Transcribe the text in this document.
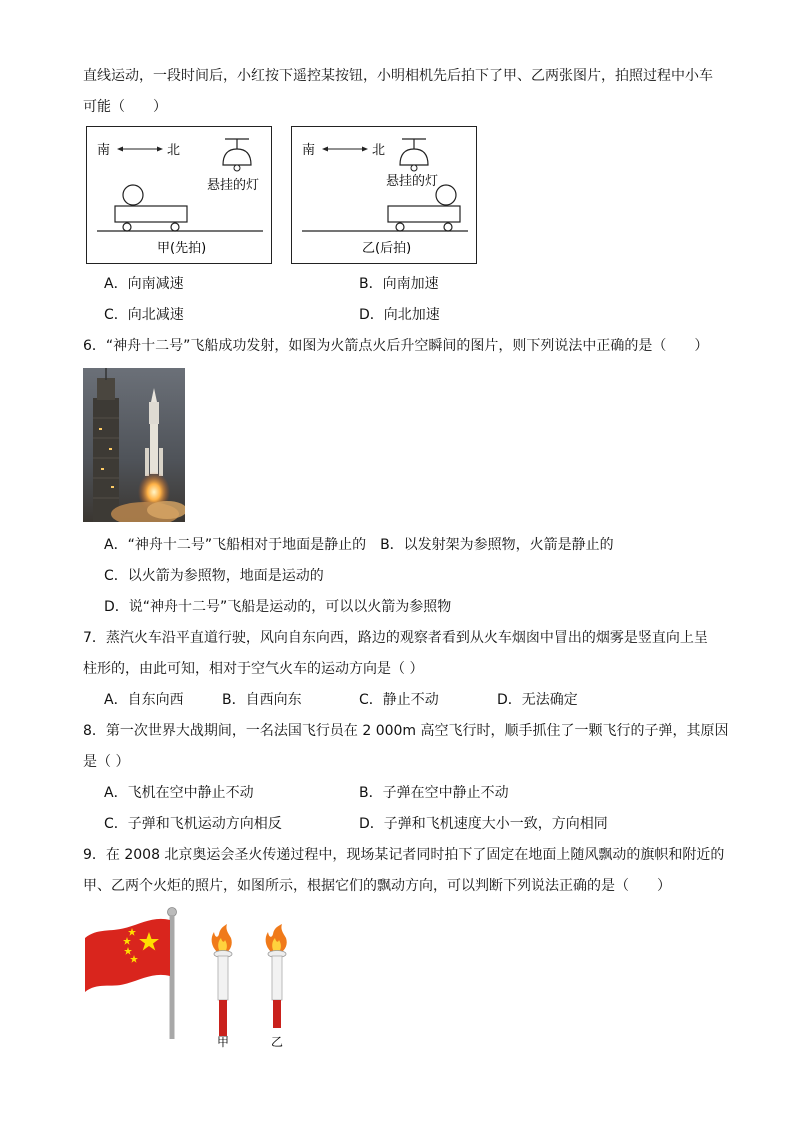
直线运动，一段时间后，小红按下遥控某按钮，小明相机先后拍下了甲、乙两张图片，拍照过程中小车
可能（　　）
南	北
悬挂的灯
甲(先拍)
南	北
悬挂的灯
乙(后拍)
A．向南减速	B．向南加速
C．向北减速	D．向北加速
6．“神舟十二号”飞船成功发射，如图为火箭点火后升空瞬间的图片，则下列说法中正确的是（　　）
A．“神舟十二号”飞船相对于地面是静止的　B．以发射架为参照物，火箭是静止的
C．以火箭为参照物，地面是运动的
D．说“神舟十二号”飞船是运动的，可以以火箭为参照物
7．蒸汽火车沿平直道行驶，风向自东向西，路边的观察者看到从火车烟囱中冒出的烟雾是竖直向上呈
柱形的，由此可知，相对于空气火车的运动方向是（ ）
A．自东向西	B．自西向东	C．静止不动	D．无法确定
8．第一次世界大战期间，一名法国飞行员在 2 000m 高空飞行时，顺手抓住了一颗飞行的子弹，其原因
是（ ）
A．飞机在空中静止不动	B．子弹在空中静止不动
C．子弹和飞机运动方向相反	D．子弹和飞机速度大小一致，方向相同
9．在 2008 北京奥运会圣火传递过程中，现场某记者同时拍下了固定在地面上随风飘动的旗帜和附近的
甲、乙两个火炬的照片，如图所示，根据它们的飘动方向，可以判断下列说法正确的是（　　）
甲	乙
